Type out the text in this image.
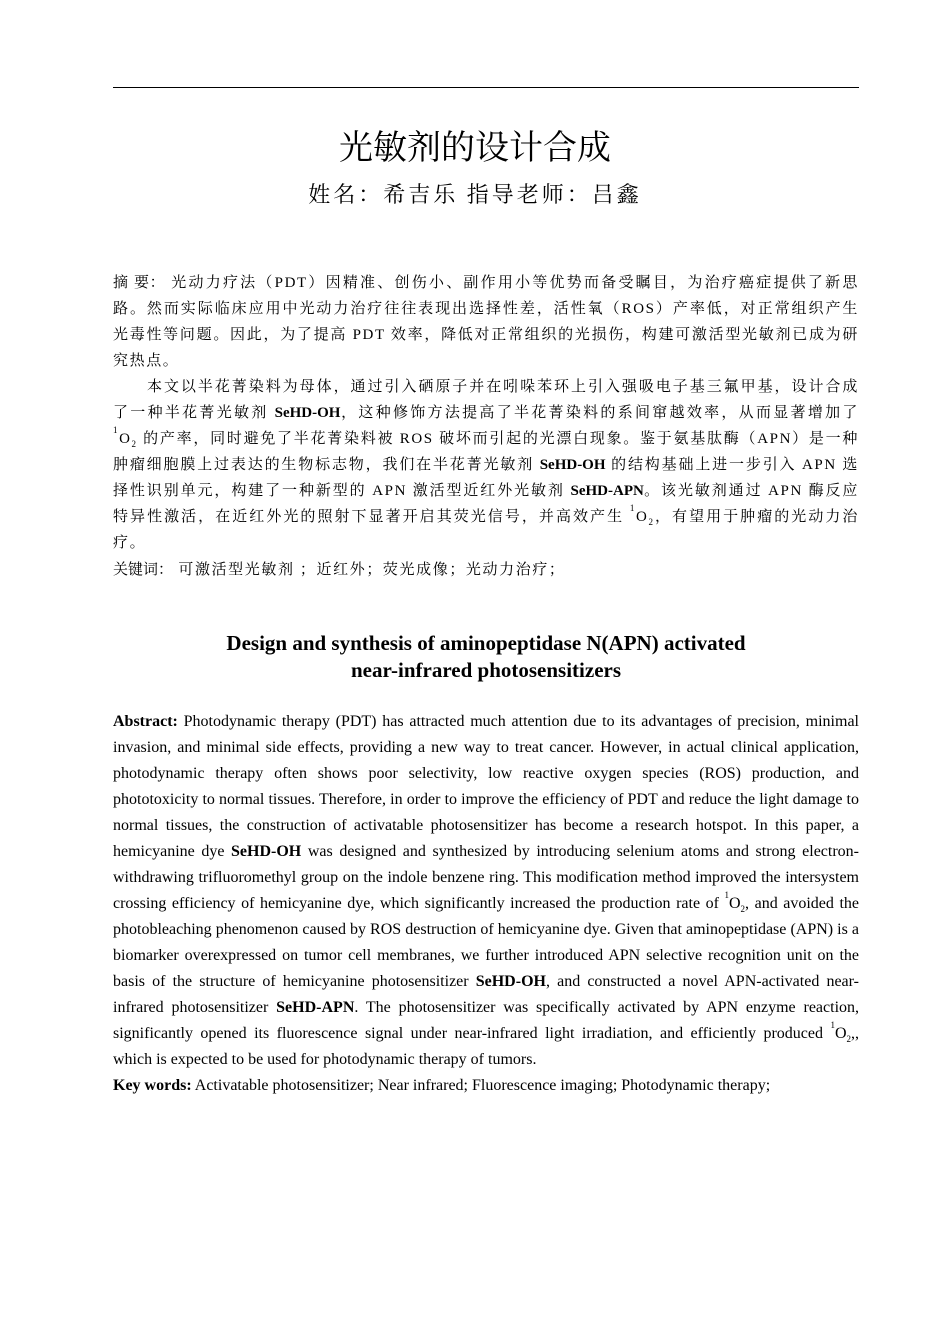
光敏剂的设计合成
姓名：希吉乐 指导老师：吕鑫

摘 要： 光动力疗法（PDT）因精准、创伤小、副作用小等优势而备受瞩目，为治疗癌症提供了新思路。然而实际临床应用中光动力治疗往往表现出选择性差，活性氧（ROS）产率低，对正常组织产生光毒性等问题。因此，为了提高 PDT 效率，降低对正常组织的光损伤，构建可激活型光敏剂已成为研究热点。

本文以半花菁染料为母体，通过引入硒原子并在吲哚苯环上引入强吸电子基三氟甲基，设计合成了一种半花菁光敏剂 SeHD-OH，这种修饰方法提高了半花菁染料的系间窜越效率，从而显著增加了 $^1O_2$ 的产率，同时避免了半花菁染料被 ROS 破坏而引起的光漂白现象。鉴于氨基肽酶（APN）是一种肿瘤细胞膜上过表达的生物标志物，我们在半花菁光敏剂 SeHD-OH 的结构基础上进一步引入 APN 选择性识别单元，构建了一种新型的 APN 激活型近红外光敏剂 SeHD-APN。该光敏剂通过 APN 酶反应特异性激活，在近红外光的照射下显著开启其荧光信号，并高效产生 $^1O_2$，有望用于肿瘤的光动力治疗。

关键词： 可激活型光敏剂 ；近红外；荧光成像；光动力治疗；

Design and synthesis of aminopeptidase N(APN) activated
near-infrared photosensitizers

Abstract: Photodynamic therapy (PDT) has attracted much attention due to its advantages of precision, minimal invasion, and minimal side effects, providing a new way to treat cancer. However, in actual clinical application, photodynamic therapy often shows poor selectivity, low reactive oxygen species (ROS) production, and phototoxicity to normal tissues. Therefore, in order to improve the efficiency of PDT and reduce the light damage to normal tissues, the construction of activatable photosensitizer has become a research hotspot. In this paper, a hemicyanine dye SeHD-OH was designed and synthesized by introducing selenium atoms and strong electron-withdrawing trifluoromethyl group on the indole benzene ring. This modification method improved the intersystem crossing efficiency of hemicyanine dye, which significantly increased the production rate of $^1O_2$, and avoided the photobleaching phenomenon caused by ROS destruction of hemicyanine dye. Given that aminopeptidase (APN) is a biomarker overexpressed on tumor cell membranes, we further introduced APN selective recognition unit on the basis of the structure of hemicyanine photosensitizer SeHD-OH, and constructed a novel APN-activated near-infrared photosensitizer SeHD-APN. The photosensitizer was specifically activated by APN enzyme reaction, significantly opened its fluorescence signal under near-infrared light irradiation, and efficiently produced $^1O_2$,, which is expected to be used for photodynamic therapy of tumors.

Key words: Activatable photosensitizer; Near infrared; Fluorescence imaging; Photodynamic therapy;
